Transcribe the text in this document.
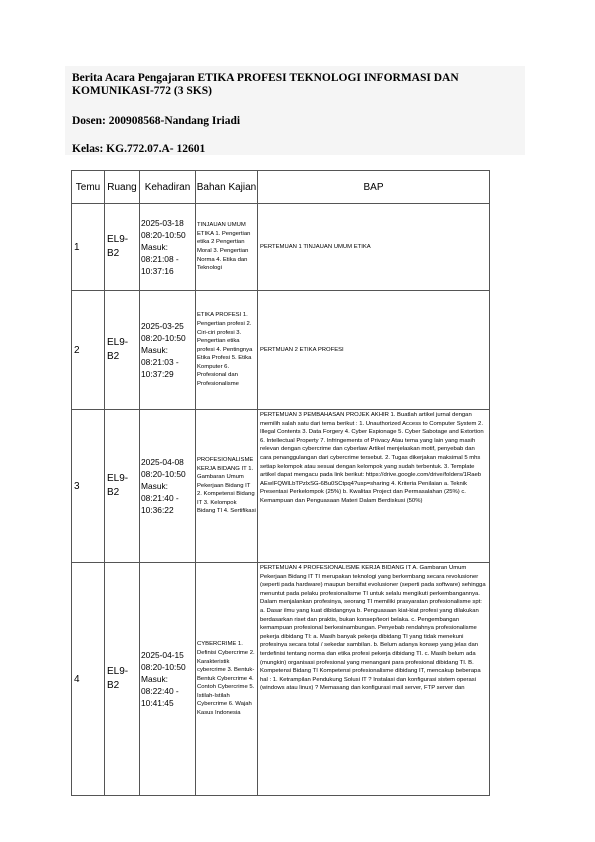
Berita Acara Pengajaran ETIKA PROFESI TEKNOLOGI INFORMASI DAN KOMUNIKASI-772 (3 SKS)
Dosen: 200908568-Nandang Iriadi
Kelas: KG.772.07.A- 12601
Temu	Ruang	Kehadiran	Bahan Kajian	BAP
1	EL9-B2	2025-03-18 08:20-10:50 Masuk: 08:21:08 - 10:37:16	TINJAUAN UMUM ETIKA 1. Pengertian etika 2 Pengertian Moral 3. Pengertian Norma 4. Etika dan Teknologi	PERTEMUAN 1 TINJAUAN UMUM ETIKA
2	EL9-B2	2025-03-25 08:20-10:50 Masuk: 08:21:03 - 10:37:29	ETIKA PROFESI 1. Pengertian profesi 2. Ciri-ciri profesi 3. Pengertian etika profesi 4. Pentingnya Etika Profesi 5. Etika Komputer 6. Profesional dan Profesionalisme	PERTMUAN 2 ETIKA PROFESI
3	EL9-B2	2025-04-08 08:20-10:50 Masuk: 08:21:40 - 10:36:22	PROFESIONALISME KERJA BIDANG IT 1. Gambaran Umum Pekerjaan Bidang IT 2. Kompetensi Bidang IT 3. Kelompok Bidang TI 4. Sertifikasi	PERTEMUAN 3 PEMBAHASAN PROJEK AKHIR 1. Buatlah artikel jurnal dengan memilih salah satu dari tema berikut : 1. Unauthorized Access to Computer System 2. Illegal Contents 3. Data Forgery 4. Cyber Espionage 5. Cyber Sabotage and Extortion 6. Intellectual Property 7. Infringements of Privacy Atau tema yang lain yang masih relevan dengan cybercrime dan cyberlaw Artikel menjelaskan motif, penyebab dan cara penanggulangan dari cybercrime tersebut. 2. Tugas dikerjakan maksimal 5 mhs setiap kelompok atau sesuai dengan kelompok yang sudah terbentuk. 3. Template artikel dapat mengacu pada link berikut: https://drive.google.com/drive/folders/1Raeb AEwIFQWlLbTPzlxSG-6Bu0SCtpq4?usp=sharing 4. Kriteria Penilaian a. Teknik Presentasi Perkelompok (25%) b. Kwalitas Project dan Permasalahan (25%) c. Kemampuan dan Penguasaan Materi Dalam Berdiskusi (50%)
4	EL9-B2	2025-04-15 08:20-10:50 Masuk: 08:22:40 - 10:41:45	CYBERCRIME 1. Definisi Cybercrime 2. Karakteristik cybercrime 3. Bentuk-Bentuk Cybercrime 4. Contoh Cybercrime 5. Istilah-Istilah Cybercrime 6. Wajah Kasus Indonesia	PERTEMUAN 4 PROFESIONALISME KERJA BIDANG IT A. Gambaran Umum Pekerjaan Bidang IT TI merupakan teknologi yang berkembang secara revolusioner (seperti pada hardware) maupun bersifat evolusioner (seperti pada software) sehingga menuntut pada pelaku profesionalisme TI untuk selalu mengikuti perkembangannya. Dalam menjalankan profesinya, seorang TI memiliki prasyaratan profesionalisme spt: a. Dasar ilmu yang kuat dibidangnya b. Penguasaan kiat-kiat profesi yang dilakukan berdasarkan riset dan praktis, bukan konsep/teori belaka. c. Pengembangan kemampuan profesional berkesinambungan. Penyebab rendahnya profesionalisme pekerja dibidang TI: a. Masih banyak pekerja dibidang TI yang tidak menekuni profesinya secara total / sekedar sambilan. b. Belum adanya konsep yang jelas dan terdefinisi tentang norma dan etika profesi pekerja dibidang TI. c. Masih belum ada (mungkin) organisasi profesional yang menangani para profesional dibidang TI. B. Kompetensi Bidang TI Kompetensi profesionalisme dibidang IT, mencakup beberapa hal : 1. Ketrampilan Pendukung Solusi IT ? Instalasi dan konfigurasi sistem operasi (windows atau linux) ? Memasang dan konfigurasi mail server, FTP server dan
